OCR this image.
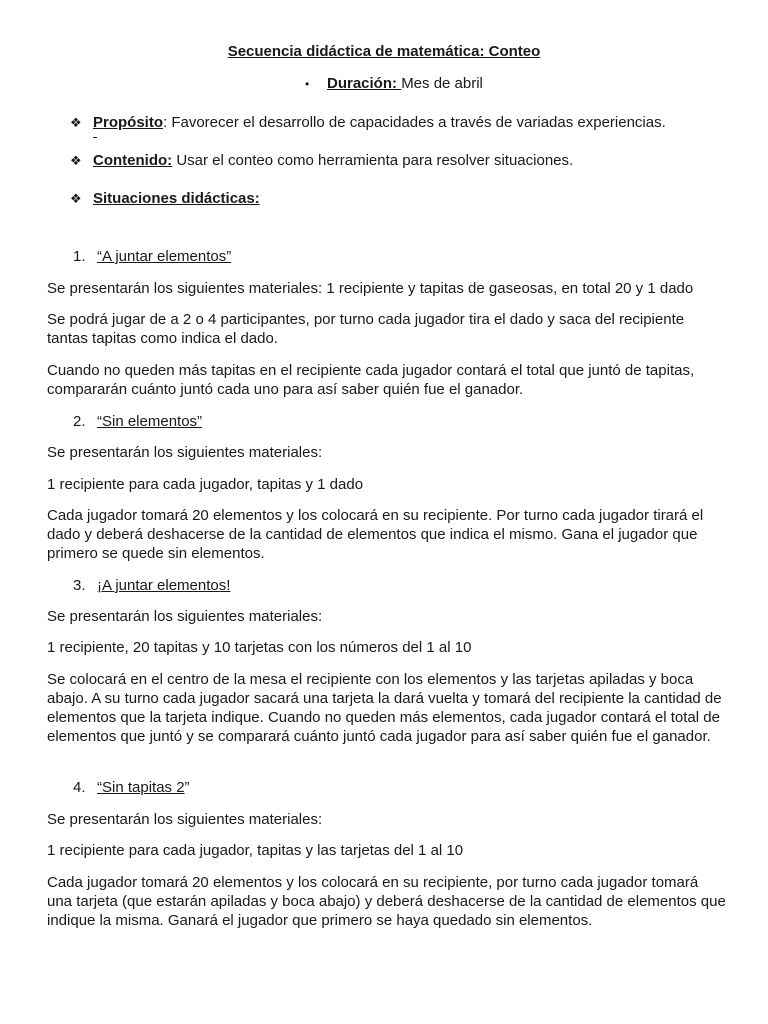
Secuencia didáctica de matemática: Conteo
• Duración: Mes de abril
❖ Propósito: Favorecer el desarrollo de capacidades a través de variadas experiencias.
❖ Contenido: Usar el conteo como herramienta para resolver situaciones.
❖ Situaciones didácticas:
1. “A juntar elementos”
Se presentarán los siguientes materiales: 1 recipiente y tapitas de gaseosas, en total 20 y 1 dado
Se podrá jugar de a 2 o 4 participantes, por turno cada jugador tira el dado y saca del recipiente tantas tapitas como indica el dado.
Cuando no queden más tapitas en el recipiente cada jugador contará el total que juntó de tapitas, compararán cuánto juntó cada uno para así saber quién fue el ganador.
2. “Sin elementos”
Se presentarán los siguientes materiales:
1 recipiente para cada jugador, tapitas y 1 dado
Cada jugador tomará 20 elementos y los colocará en su recipiente. Por turno cada jugador tirará el dado y deberá deshacerse de la cantidad de elementos que indica el mismo. Gana el jugador que primero se quede sin elementos.
3. ¡A juntar elementos!
Se presentarán los siguientes materiales:
1 recipiente, 20 tapitas y 10 tarjetas con los números del 1 al 10
Se colocará en el centro de la mesa el recipiente con los elementos y las tarjetas apiladas y boca abajo. A su turno cada jugador sacará una tarjeta la dará vuelta y tomará del recipiente la cantidad de elementos que la tarjeta indique. Cuando no queden más elementos, cada jugador contará el total de elementos que juntó y se comparará cuánto juntó cada jugador para así saber quién fue el ganador.
4. “Sin tapitas 2”
Se presentarán los siguientes materiales:
1 recipiente para cada jugador, tapitas y las tarjetas del 1 al 10
Cada jugador tomará 20 elementos y los colocará en su recipiente, por turno cada jugador tomará una tarjeta (que estarán apiladas y boca abajo) y deberá deshacerse de la cantidad de elementos que indique la misma. Ganará el jugador que primero se haya quedado sin elementos.
